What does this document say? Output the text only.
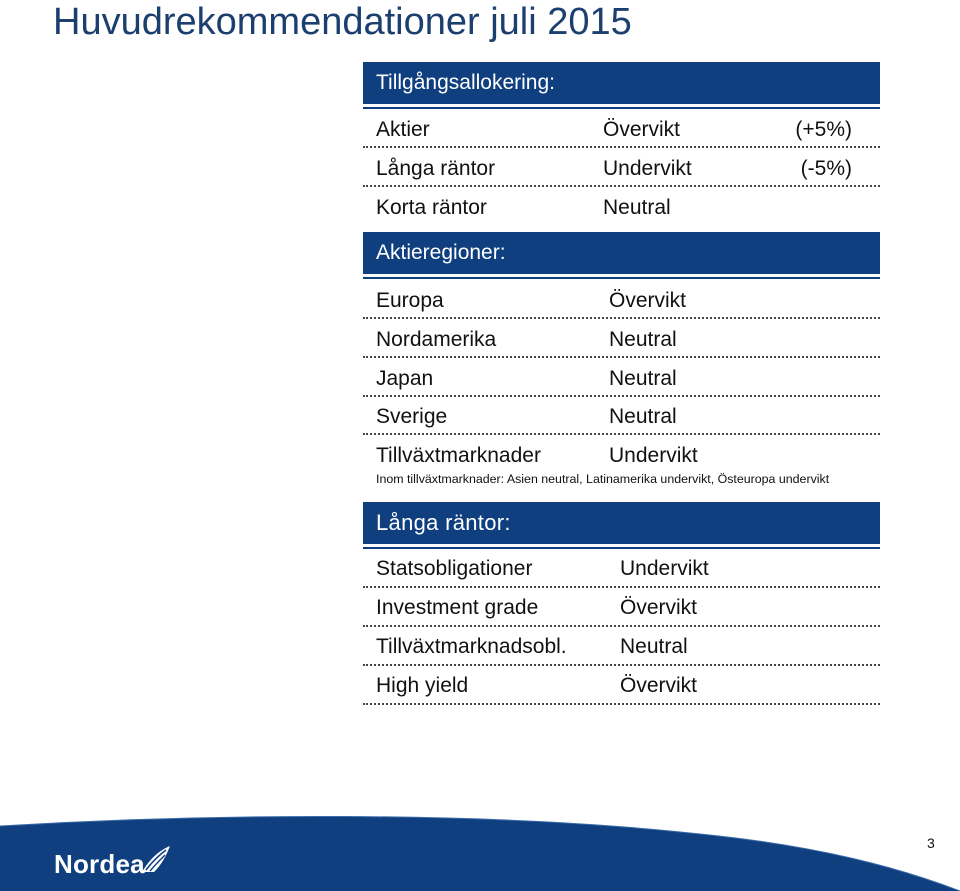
Huvudrekommendationer juli 2015
Tillgångsallokering:
Aktier	Övervikt	(+5%)
Långa räntor	Undervikt	(-5%)
Korta räntor	Neutral
Aktieregioner:
Europa	Övervikt
Nordamerika	Neutral
Japan	Neutral
Sverige	Neutral
Tillväxtmarknader	Undervikt
Inom tillväxtmarknader: Asien neutral, Latinamerika undervikt, Östeuropa undervikt
Långa räntor:
Statsobligationer	Undervikt
Investment grade	Övervikt
Tillväxtmarknadsobl.	Neutral
High yield	Övervikt
Nordea
3
